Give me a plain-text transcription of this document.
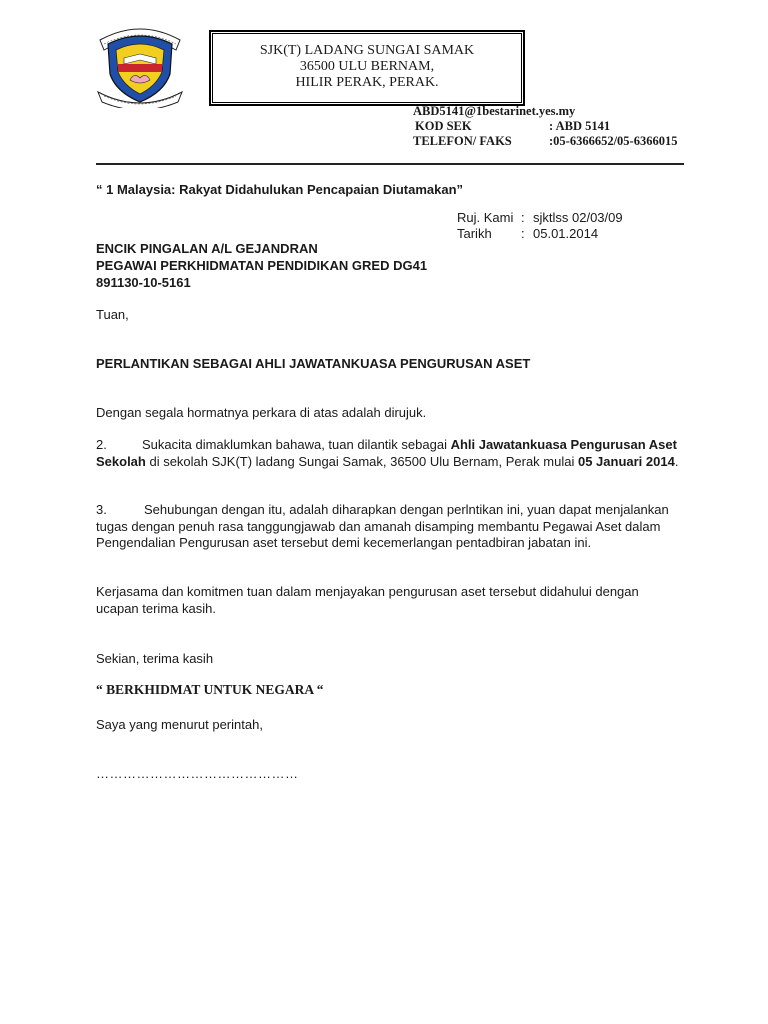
SJK(T) LADANG SUNGAI SAMAK
36500 ULU BERNAM,
HILIR PERAK, PERAK.
ABD5141@1bestarinet.yes.my
KOD SEK	: ABD 5141
TELEFON/ FAKS	:05-6366652/05-6366015
“ 1 Malaysia: Rakyat Didahulukan Pencapaian Diutamakan”
Ruj. Kami : sjktlss 02/03/09
Tarikh : 05.01.2014
ENCIK PINGALAN A/L GEJANDRAN
PEGAWAI PERKHIDMATAN PENDIDIKAN GRED DG41
891130-10-5161
Tuan,
PERLANTIKAN SEBAGAI AHLI JAWATANKUASA PENGURUSAN ASET
Dengan segala hormatnya perkara di atas adalah dirujuk.
2.	Sukacita dimaklumkan bahawa, tuan dilantik sebagai Ahli Jawatankuasa Pengurusan Aset Sekolah di sekolah SJK(T) ladang Sungai Samak, 36500 Ulu Bernam, Perak mulai 05 Januari 2014.
3.	Sehubungan dengan itu, adalah diharapkan dengan perlntikan ini, yuan dapat menjalankan tugas dengan penuh rasa tanggungjawab dan amanah disamping membantu Pegawai Aset dalam Pengendalian Pengurusan aset tersebut demi kecemerlangan pentadbiran jabatan ini.
Kerjasama dan komitmen tuan dalam menjayakan pengurusan aset tersebut didahului dengan ucapan terima kasih.
Sekian, terima kasih
“ BERKHIDMAT UNTUK NEGARA “
Saya yang menurut perintah,
………………………………………
